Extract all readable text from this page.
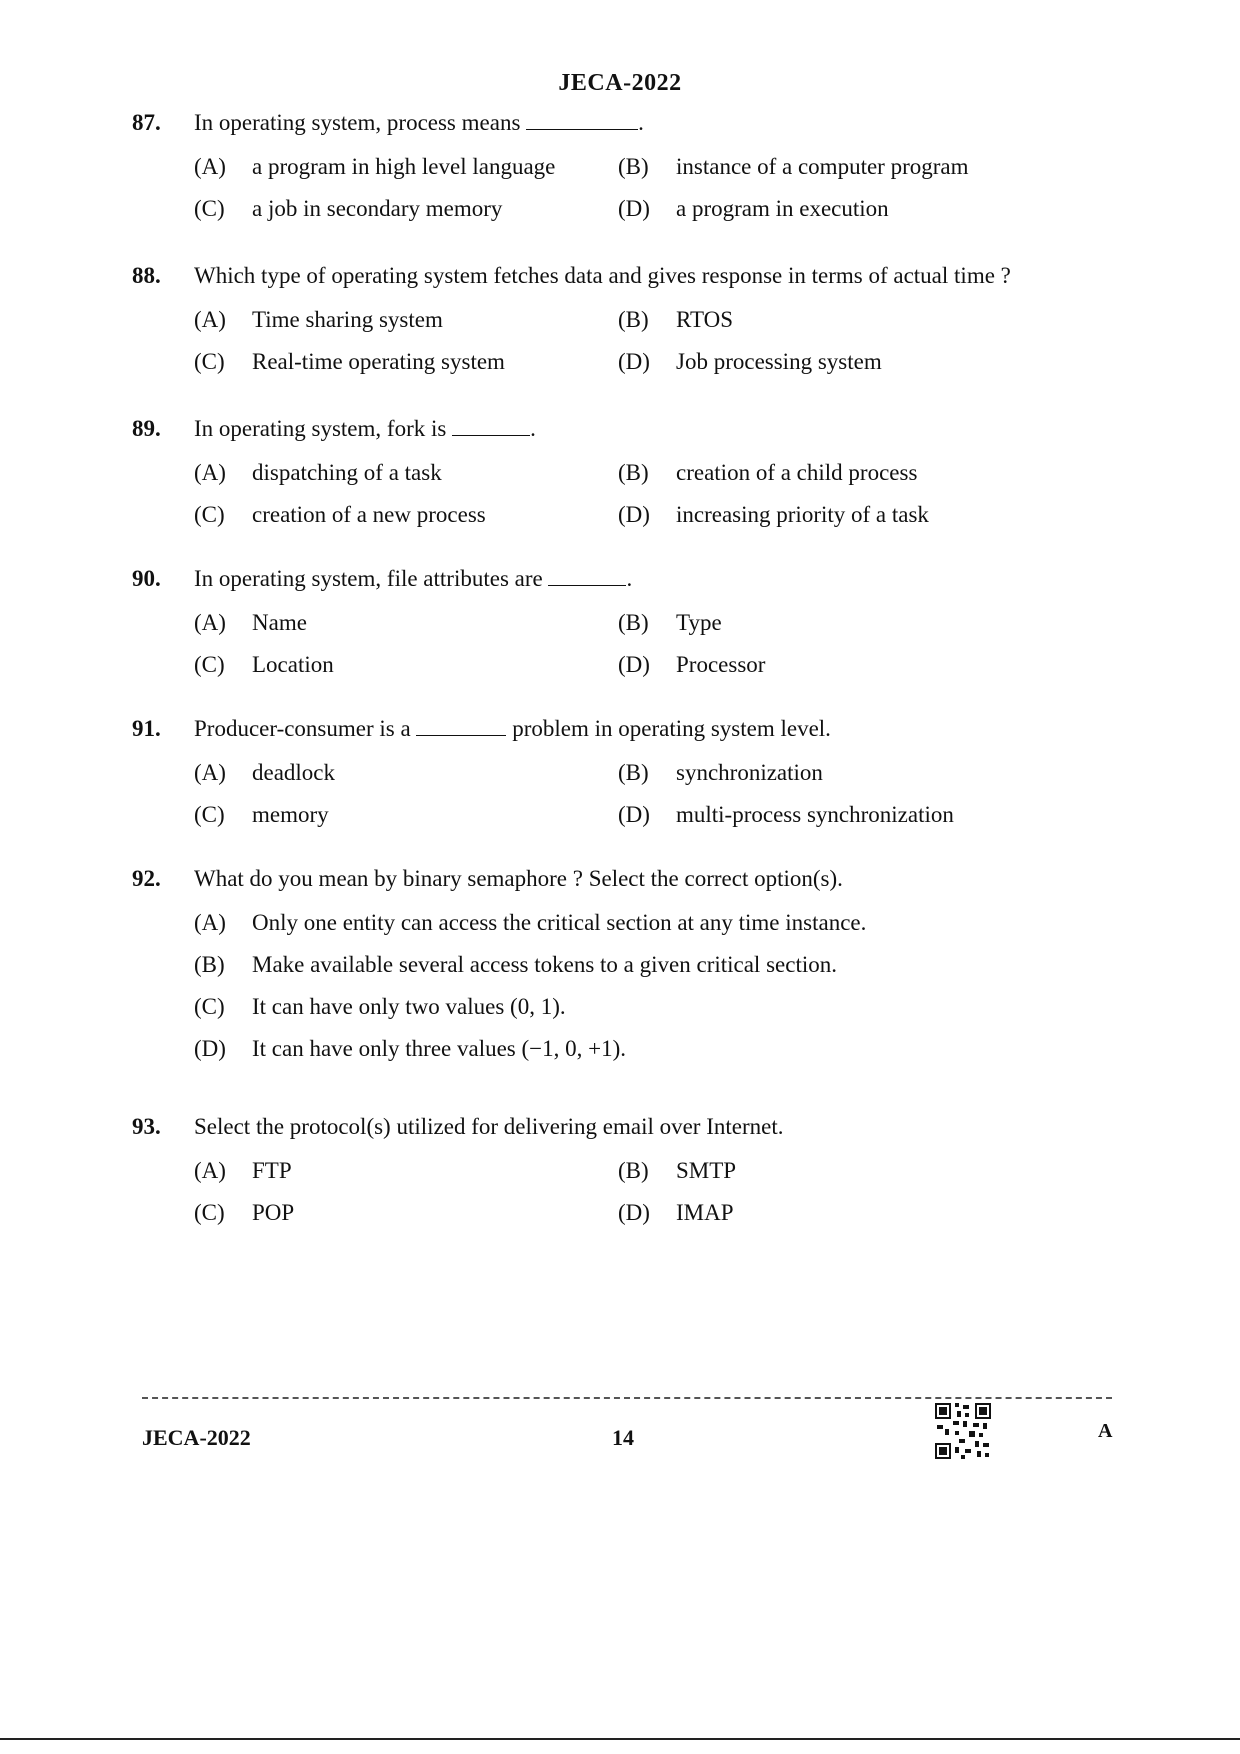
JECA-2022
87. In operating system, process means	.
(A) a program in high level language	(B) instance of a computer program
(C) a job in secondary memory	(D) a program in execution
88. Which type of operating system fetches data and gives response in terms of actual time ?
(A) Time sharing system	(B) RTOS
(C) Real-time operating system	(D) Job processing system
89. In operating system, fork is	.
(A) dispatching of a task	(B) creation of a child process
(C) creation of a new process	(D) increasing priority of a task
90. In operating system, file attributes are	.
(A) Name	(B) Type
(C) Location	(D) Processor
91. Producer-consumer is a	problem in operating system level.
(A) deadlock	(B) synchronization
(C) memory	(D) multi-process synchronization
92. What do you mean by binary semaphore ? Select the correct option(s).
(A) Only one entity can access the critical section at any time instance.
(B) Make available several access tokens to a given critical section.
(C) It can have only two values (0, 1).
(D) It can have only three values (−1, 0, +1).
93. Select the protocol(s) utilized for delivering email over Internet.
(A) FTP	(B) SMTP
(C) POP	(D) IMAP
JECA-2022	14	A
